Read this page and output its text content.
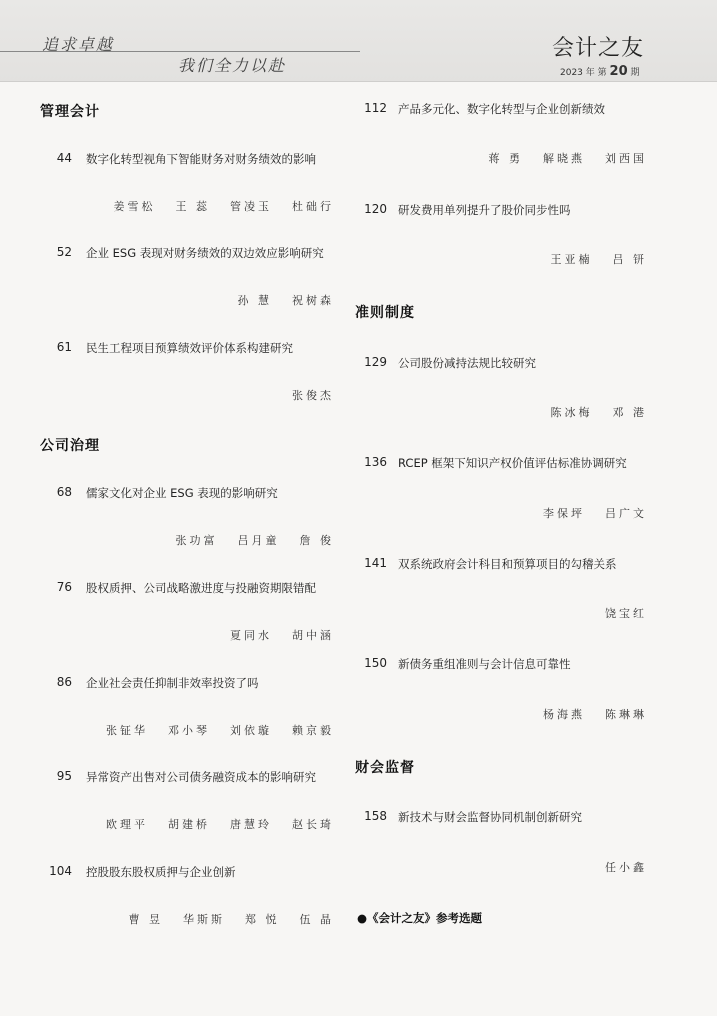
追求卓越
我们全力以赴
会计之友
2023 年 第 20 期
管理会计
公司治理
准则制度
财会监督
44 数字化转型视角下智能财务对财务绩效的影响
姜雪松 王 蕊 管凌玉 杜础行
52 企业 ESG 表现对财务绩效的双边效应影响研究
孙 慧 祝树森
61 民生工程项目预算绩效评价体系构建研究
张俊杰
68 儒家文化对企业 ESG 表现的影响研究
张功富 吕月童 詹 俊
76 股权质押、公司战略激进度与投融资期限错配
夏同水 胡中涵
86 企业社会责任抑制非效率投资了吗
张钲华 邓小琴 刘依璇 赖京毅
95 异常资产出售对公司债务融资成本的影响研究
欧理平 胡建桥 唐慧玲 赵长琦
104 控股股东股权质押与企业创新
曹 昱 华斯斯 郑 悦 伍 晶
112 产品多元化、数字化转型与企业创新绩效
蒋 勇 解晓燕 刘西国
120 研发费用单列提升了股价同步性吗
王亚楠 吕 钘
129 公司股份减持法规比较研究
陈冰梅 邓 港
136 RCEP 框架下知识产权价值评估标准协调研究
李保坪 吕广文
141 双系统政府会计科目和预算项目的勾稽关系
饶宝红
150 新债务重组准则与会计信息可靠性
杨海燕 陈琳琳
158 新技术与财会监督协同机制创新研究
任小鑫
●《会计之友》参考选题
